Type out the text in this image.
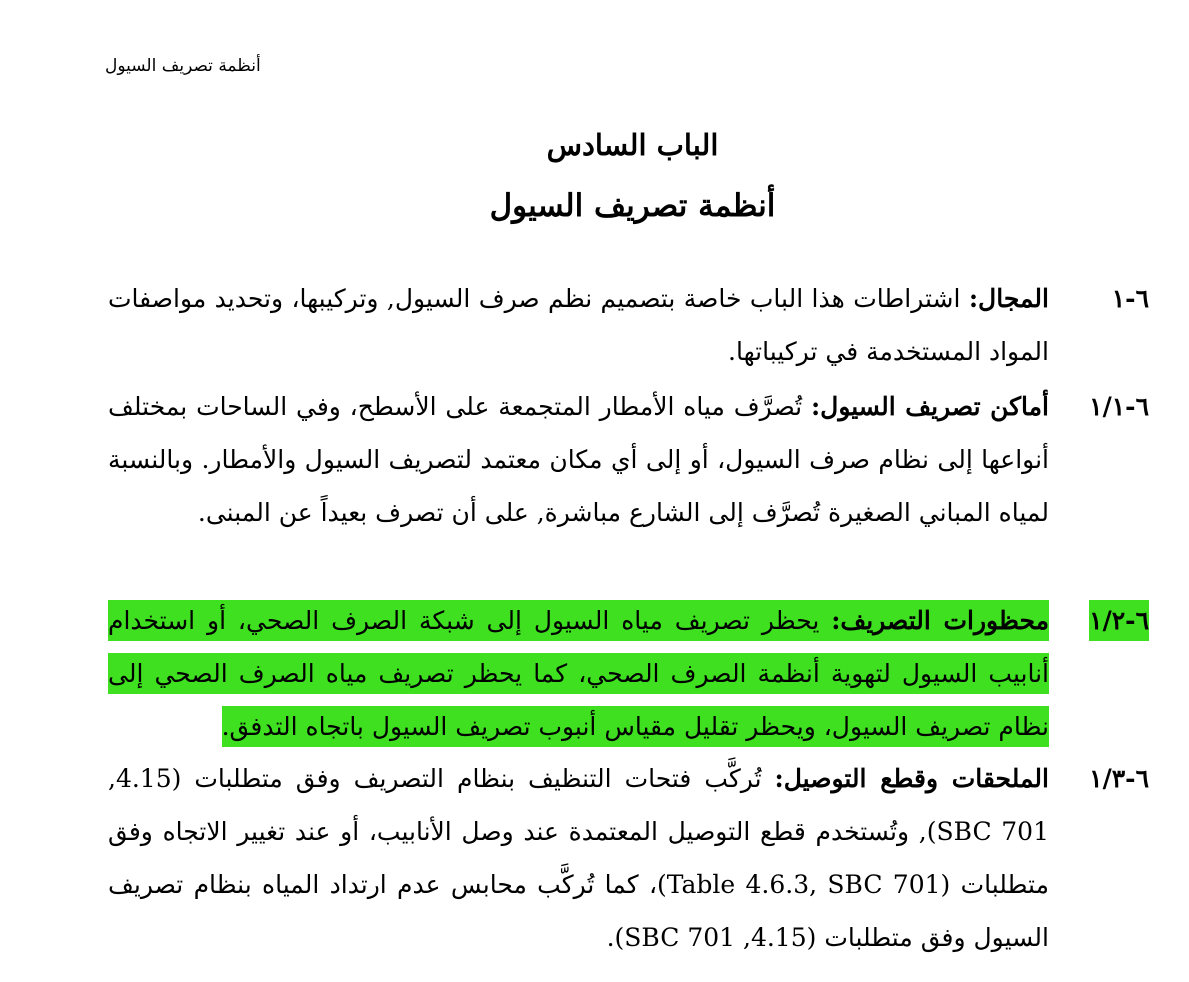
أنظمة تصريف السيول
الباب السادس
أنظمة تصريف السيول
٦-١
المجال: اشتراطات هذا الباب خاصة بتصميم نظم صرف السيول, وتركيبها، وتحديد مواصفات المواد المستخدمة في تركيباتها.
٦-١/١
أماكن تصريف السيول: تُصرَّف مياه الأمطار المتجمعة على الأسطح، وفي الساحات بمختلف أنواعها إلى نظام صرف السيول، أو إلى أي مكان معتمد لتصريف السيول والأمطار. وبالنسبة لمياه المباني الصغيرة تُصرَّف إلى الشارع مباشرة, على أن تصرف بعيداً عن المبنى.
٦-١/٢
محظورات التصريف: يحظر تصريف مياه السيول إلى شبكة الصرف الصحي، أو استخدام أنابيب السيول لتهوية أنظمة الصرف الصحي، كما يحظر تصريف مياه الصرف الصحي إلى نظام تصريف السيول، ويحظر تقليل مقياس أنبوب تصريف السيول باتجاه التدفق.
٦-١/٣
الملحقات وقطع التوصيل: تُركَّب فتحات التنظيف بنظام التصريف وفق متطلبات (4.15, SBC 701), وتُستخدم قطع التوصيل المعتمدة عند وصل الأنابيب، أو عند تغيير الاتجاه وفق متطلبات (Table 4.6.3, SBC 701)، كما تُركَّب محابس عدم ارتداد المياه بنظام تصريف السيول وفق متطلبات (4.15, SBC 701).
